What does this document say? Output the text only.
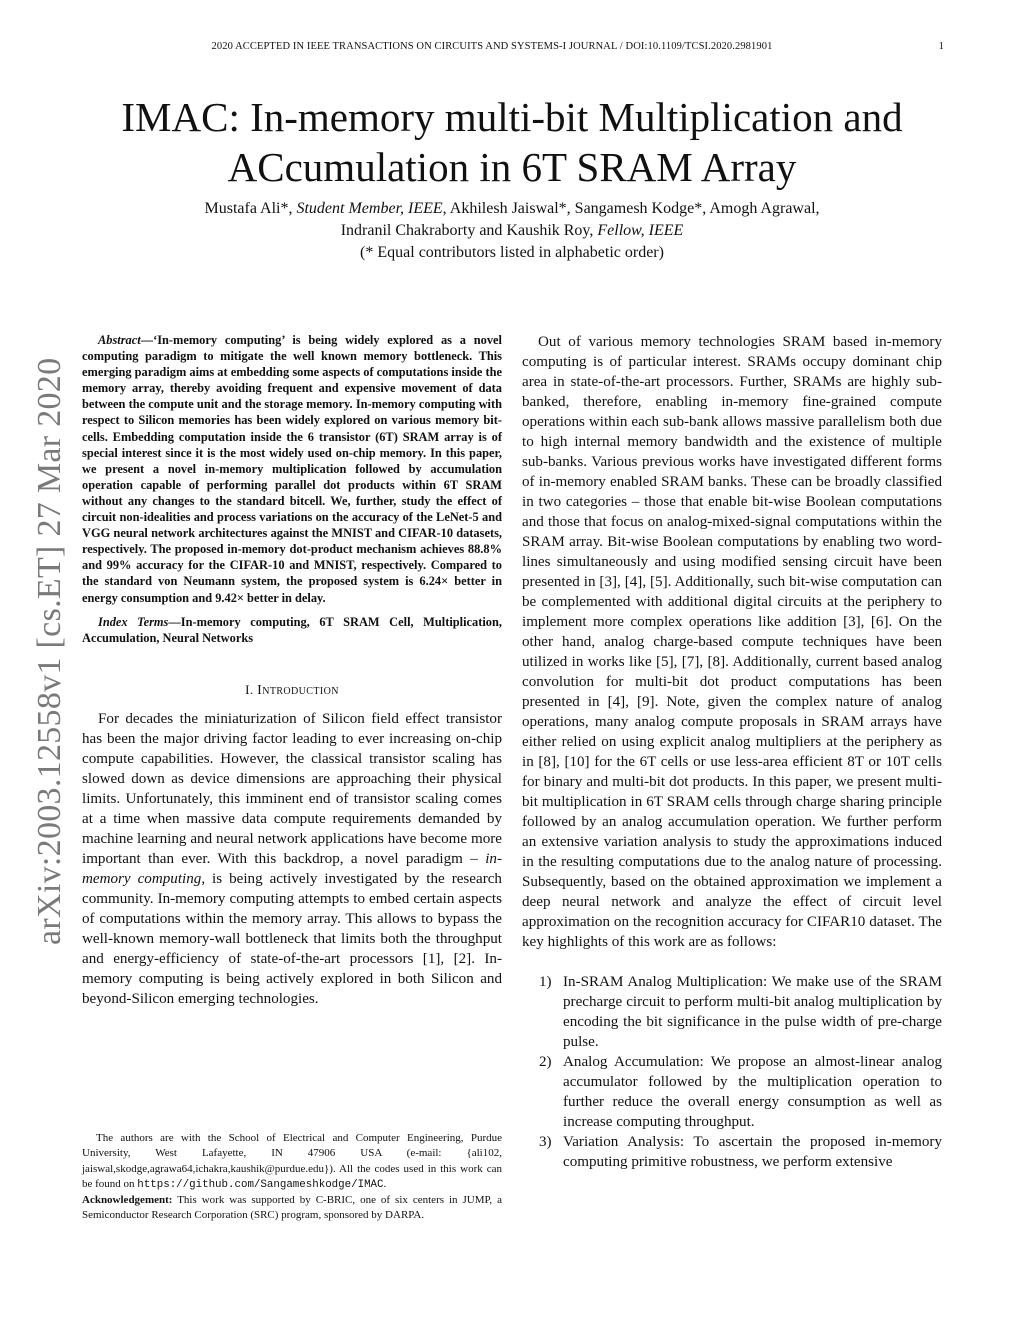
2020 ACCEPTED IN IEEE TRANSACTIONS ON CIRCUITS AND SYSTEMS-I JOURNAL / DOI:10.1109/TCSI.2020.2981901	1
IMAC: In-memory multi-bit Multiplication and
ACcumulation in 6T SRAM Array
Mustafa Ali*, Student Member, IEEE, Akhilesh Jaiswal*, Sangamesh Kodge*, Amogh Agrawal,
Indranil Chakraborty and Kaushik Roy, Fellow, IEEE
(* Equal contributors listed in alphabetic order)
arXiv:2003.12558v1 [cs.ET] 27 Mar 2020

Abstract—‘In-memory computing’ is being widely explored as a novel computing paradigm to mitigate the well known memory bottleneck. This emerging paradigm aims at embedding some aspects of computations inside the memory array, thereby avoiding frequent and expensive movement of data between the compute unit and the storage memory. In-memory computing with respect to Silicon memories has been widely explored on various memory bit-cells. Embedding computation inside the 6 transistor (6T) SRAM array is of special interest since it is the most widely used on-chip memory. In this paper, we present a novel in-memory multiplication followed by accumulation operation capable of performing parallel dot products within 6T SRAM without any changes to the standard bitcell. We, further, study the effect of circuit non-idealities and process variations on the accuracy of the LeNet-5 and VGG neural network architectures against the MNIST and CIFAR-10 datasets, respectively. The proposed in-memory dot-product mechanism achieves 88.8% and 99% accuracy for the CIFAR-10 and MNIST, respectively. Compared to the standard von Neumann system, the proposed system is 6.24× better in energy consumption and 9.42× better in delay.

Index Terms—In-memory computing, 6T SRAM Cell, Multiplication, Accumulation, Neural Networks

I. Introduction

For decades the miniaturization of Silicon field effect transistor has been the major driving factor leading to ever increasing on-chip compute capabilities. However, the classical transistor scaling has slowed down as device dimensions are approaching their physical limits. Unfortunately, this imminent end of transistor scaling comes at a time when massive data compute requirements demanded by machine learning and neural network applications have become more important than ever. With this backdrop, a novel paradigm – in-memory computing, is being actively investigated by the research community. In-memory computing attempts to embed certain aspects of computations within the memory array. This allows to bypass the well-known memory-wall bottleneck that limits both the throughput and energy-efficiency of state-of-the-art processors [1], [2]. In-memory computing is being actively explored in both Silicon and beyond-Silicon emerging technologies.

The authors are with the School of Electrical and Computer Engineering, Purdue University, West Lafayette, IN 47906 USA (e-mail: {ali102, jaiswal,skodge,agrawa64,ichakra,kaushik@purdue.edu}). All the codes used in this work can be found on https://github.com/Sangameshkodge/IMAC.

Acknowledgement: This work was supported by C-BRIC, one of six centers in JUMP, a Semiconductor Research Corporation (SRC) program, sponsored by DARPA.

Out of various memory technologies SRAM based in-memory computing is of particular interest. SRAMs occupy dominant chip area in state-of-the-art processors. Further, SRAMs are highly sub-banked, therefore, enabling in-memory fine-grained compute operations within each sub-bank allows massive parallelism both due to high internal memory bandwidth and the existence of multiple sub-banks. Various previous works have investigated different forms of in-memory enabled SRAM banks. These can be broadly classified in two categories – those that enable bit-wise Boolean computations and those that focus on analog-mixed-signal computations within the SRAM array. Bit-wise Boolean computations by enabling two word-lines simultaneously and using modified sensing circuit have been presented in [3], [4], [5]. Additionally, such bit-wise computation can be complemented with additional digital circuits at the periphery to implement more complex operations like addition [3], [6]. On the other hand, analog charge-based compute techniques have been utilized in works like [5], [7], [8]. Additionally, current based analog convolution for multi-bit dot product computations has been presented in [4], [9]. Note, given the complex nature of analog operations, many analog compute proposals in SRAM arrays have either relied on using explicit analog multipliers at the periphery as in [8], [10] for the 6T cells or use less-area efficient 8T or 10T cells for binary and multi-bit dot products. In this paper, we present multi-bit multiplication in 6T SRAM cells through charge sharing principle followed by an analog accumulation operation. We further perform an extensive variation analysis to study the approximations induced in the resulting computations due to the analog nature of processing. Subsequently, based on the obtained approximation we implement a deep neural network and analyze the effect of circuit level approximation on the recognition accuracy for CIFAR10 dataset. The key highlights of this work are as follows:

1) In-SRAM Analog Multiplication: We make use of the SRAM precharge circuit to perform multi-bit analog multiplication by encoding the bit significance in the pulse width of pre-charge pulse.
2) Analog Accumulation: We propose an almost-linear analog accumulator followed by the multiplication operation to further reduce the overall energy consumption as well as increase computing throughput.
3) Variation Analysis: To ascertain the proposed in-memory computing primitive robustness, we perform extensive
